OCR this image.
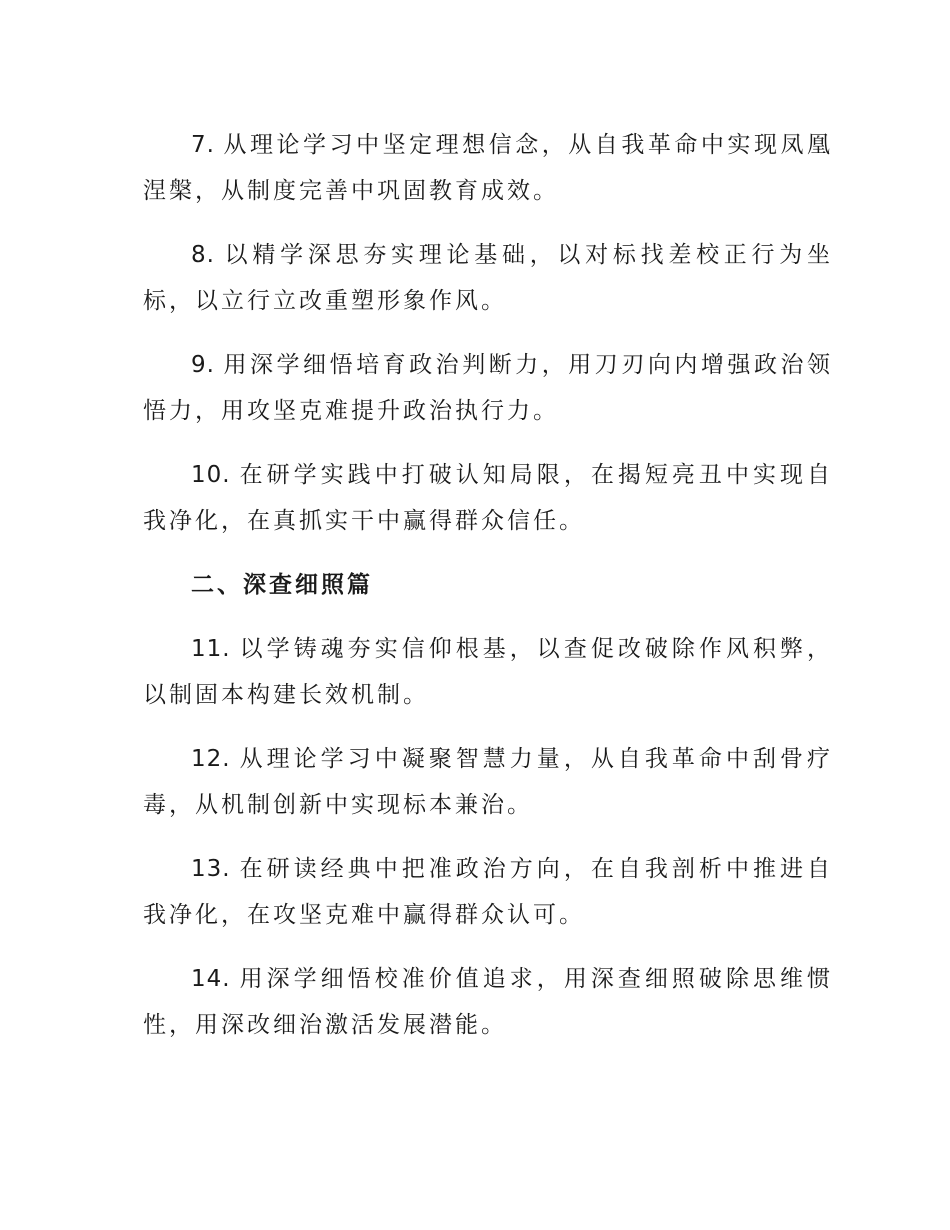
7. 从理论学习中坚定理想信念，从自我革命中实现凤凰涅槃，从制度完善中巩固教育成效。

8. 以精学深思夯实理论基础，以对标找差校正行为坐标，以立行立改重塑形象作风。

9. 用深学细悟培育政治判断力，用刀刃向内增强政治领悟力，用攻坚克难提升政治执行力。

10. 在研学实践中打破认知局限，在揭短亮丑中实现自我净化，在真抓实干中赢得群众信任。

二、深查细照篇

11. 以学铸魂夯实信仰根基，以查促改破除作风积弊，以制固本构建长效机制。

12. 从理论学习中凝聚智慧力量，从自我革命中刮骨疗毒，从机制创新中实现标本兼治。

13. 在研读经典中把准政治方向，在自我剖析中推进自我净化，在攻坚克难中赢得群众认可。

14. 用深学细悟校准价值追求，用深查细照破除思维惯性，用深改细治激活发展潜能。
